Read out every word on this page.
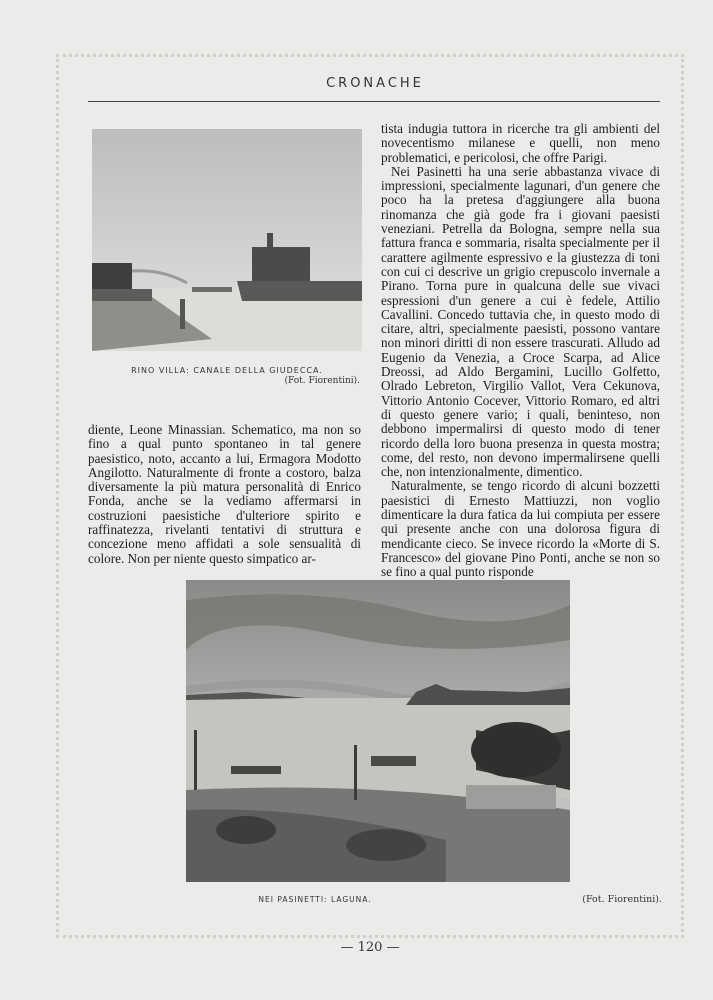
CRONACHE
RINO VILLA: CANALE DELLA GIUDECCA.
(Fot. Fiorentini).

diente, Leone Minassian. Schematico, ma non so fino a qual punto spontaneo in tal genere paesistico, noto, accanto a lui, Ermagora Modotto Angilotto. Naturalmente di fronte a costoro, balza diversamente la più matura personalità di Enrico Fonda, anche se la vediamo affermarsi in costruzioni paesistiche d'ulteriore spirito e raffinatezza, rivelanti tentativi di struttura e concezione meno affidati a sole sensualità di colore. Non per niente questo simpatico ar-

tista indugia tuttora in ricerche tra gli ambienti del novecentismo milanese e quelli, non meno problematici, e pericolosi, che offre Parigi.

Nei Pasinetti ha una serie abbastanza vivace di impressioni, specialmente lagunari, d'un genere che poco ha la pretesa d'aggiungere alla buona rinomanza che già gode fra i giovani paesisti veneziani. Petrella da Bologna, sempre nella sua fattura franca e sommaria, risalta specialmente per il carattere agilmente espressivo e la giustezza di toni con cui ci descrive un grigio crepuscolo invernale a Pirano. Torna pure in qualcuna delle sue vivaci espressioni d'un genere a cui è fedele, Attilio Cavallini. Concedo tuttavia che, in questo modo di citare, altri, specialmente paesisti, possono vantare non minori diritti di non essere trascurati. Alludo ad Eugenio da Venezia, a Croce Scarpa, ad Alice Dreossi, ad Aldo Bergamini, Lucillo Golfetto, Olrado Lebreton, Virgilio Vallot, Vera Cekunova, Vittorio Antonio Cocever, Vittorio Romaro, ed altri di questo genere vario; i quali, beninteso, non debbono impermalirsi di questo modo di tener ricordo della loro buona presenza in questa mostra; come, del resto, non devono impermalirsene quelli che, non intenzionalmente, dimentico.

Naturalmente, se tengo ricordo di alcuni bozzetti paesistici di Ernesto Mattiuzzi, non voglio dimenticare la dura fatica da lui compiuta per essere qui presente anche con una dolorosa figura di mendicante cieco. Se invece ricordo la «Morte di S. Francesco» del giovane Pino Ponti, anche se non so se fino a qual punto risponde

NEI PASINETTI: LAGUNA.	(Fot. Fiorentini).
— 120 —
